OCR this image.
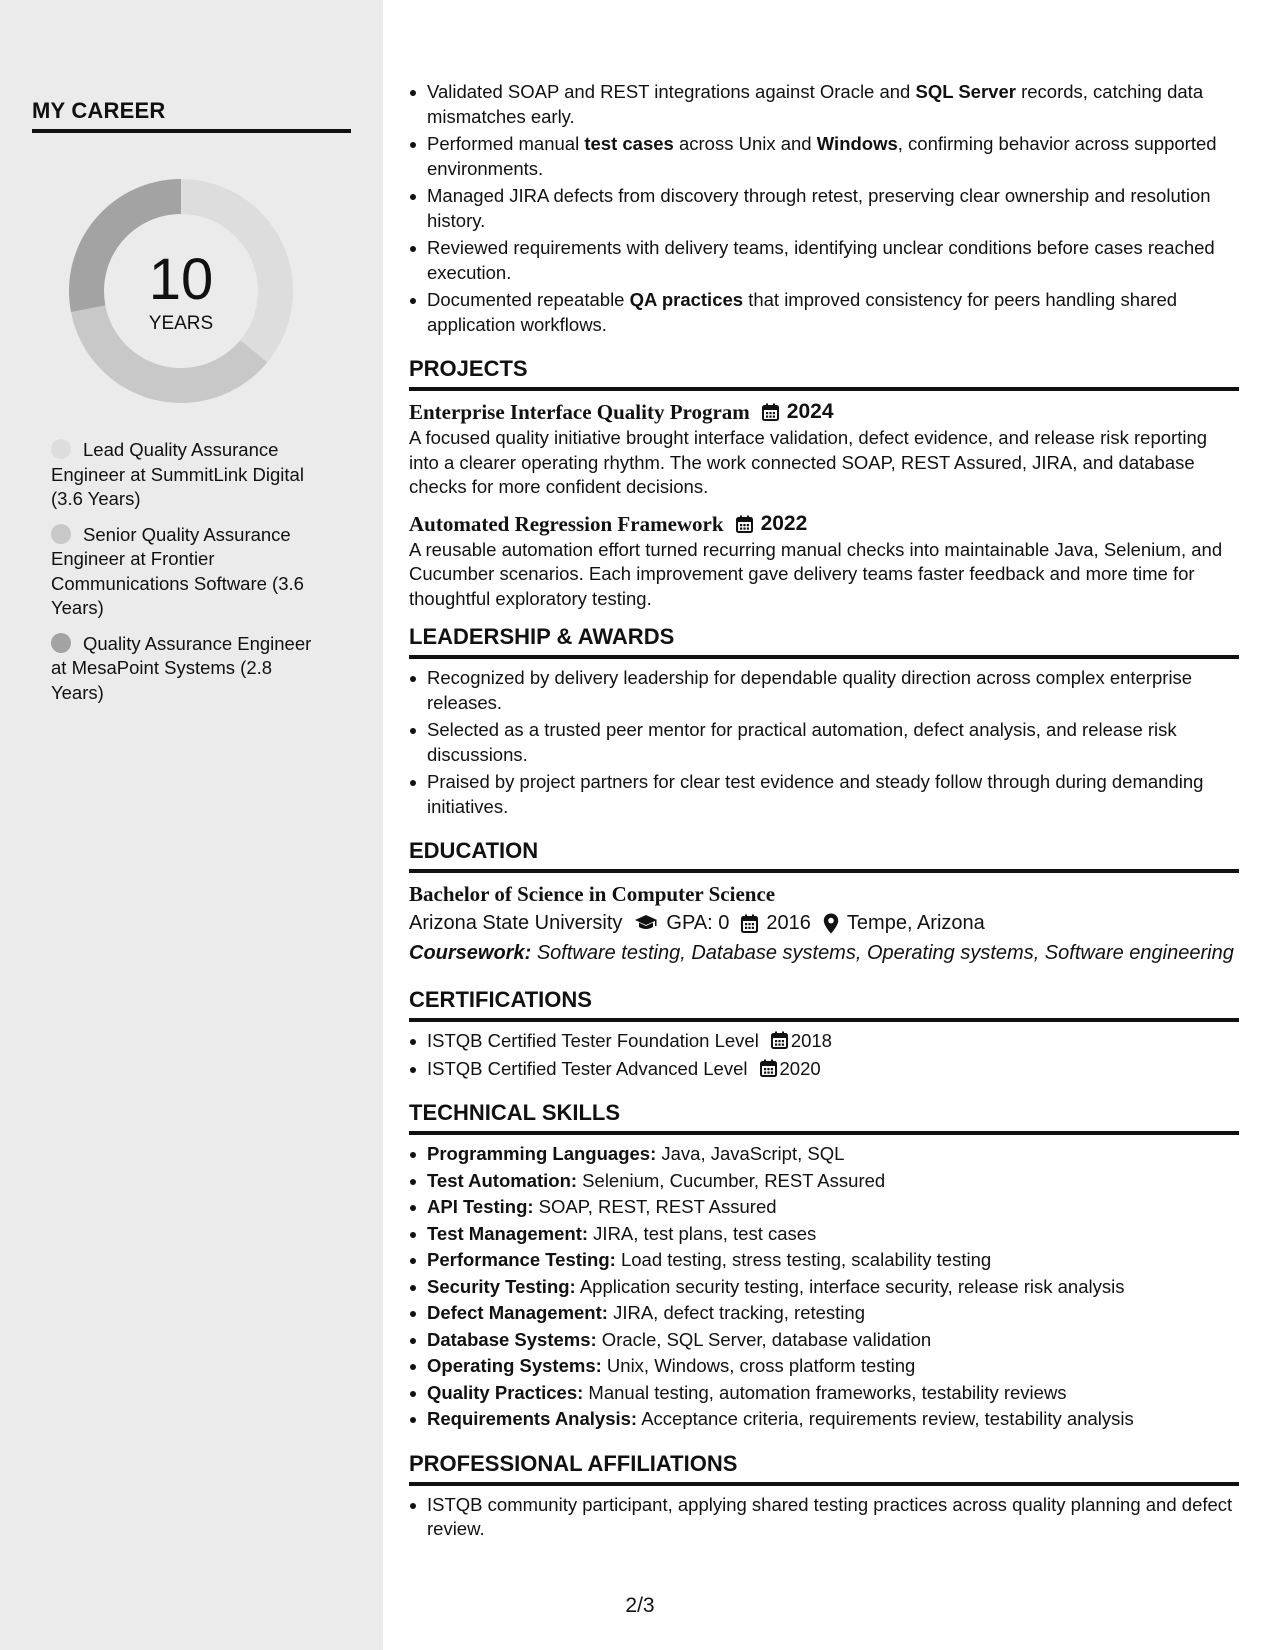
MY CAREER
10
YEARS
Lead Quality Assurance Engineer at SummitLink Digital (3.6 Years)
Senior Quality Assurance Engineer at Frontier Communications Software (3.6 Years)
Quality Assurance Engineer at MesaPoint Systems (2.8 Years)
Validated SOAP and REST integrations against Oracle and SQL Server records, catching data mismatches early.
Performed manual test cases across Unix and Windows, confirming behavior across supported environments.
Managed JIRA defects from discovery through retest, preserving clear ownership and resolution history.
Reviewed requirements with delivery teams, identifying unclear conditions before cases reached execution.
Documented repeatable QA practices that improved consistency for peers handling shared application workflows.
PROJECTS
Enterprise Interface Quality Program 2024
A focused quality initiative brought interface validation, defect evidence, and release risk reporting into a clearer operating rhythm. The work connected SOAP, REST Assured, JIRA, and database checks for more confident decisions.
Automated Regression Framework 2022
A reusable automation effort turned recurring manual checks into maintainable Java, Selenium, and Cucumber scenarios. Each improvement gave delivery teams faster feedback and more time for thoughtful exploratory testing.
LEADERSHIP & AWARDS
Recognized by delivery leadership for dependable quality direction across complex enterprise releases.
Selected as a trusted peer mentor for practical automation, defect analysis, and release risk discussions.
Praised by project partners for clear test evidence and steady follow through during demanding initiatives.
EDUCATION
Bachelor of Science in Computer Science
Arizona State University GPA: 0 2016 Tempe, Arizona
Coursework: Software testing, Database systems, Operating systems, Software engineering
CERTIFICATIONS
ISTQB Certified Tester Foundation Level 2018
ISTQB Certified Tester Advanced Level 2020
TECHNICAL SKILLS
Programming Languages: Java, JavaScript, SQL
Test Automation: Selenium, Cucumber, REST Assured
API Testing: SOAP, REST, REST Assured
Test Management: JIRA, test plans, test cases
Performance Testing: Load testing, stress testing, scalability testing
Security Testing: Application security testing, interface security, release risk analysis
Defect Management: JIRA, defect tracking, retesting
Database Systems: Oracle, SQL Server, database validation
Operating Systems: Unix, Windows, cross platform testing
Quality Practices: Manual testing, automation frameworks, testability reviews
Requirements Analysis: Acceptance criteria, requirements review, testability analysis
PROFESSIONAL AFFILIATIONS
ISTQB community participant, applying shared testing practices across quality planning and defect review.
2/3
